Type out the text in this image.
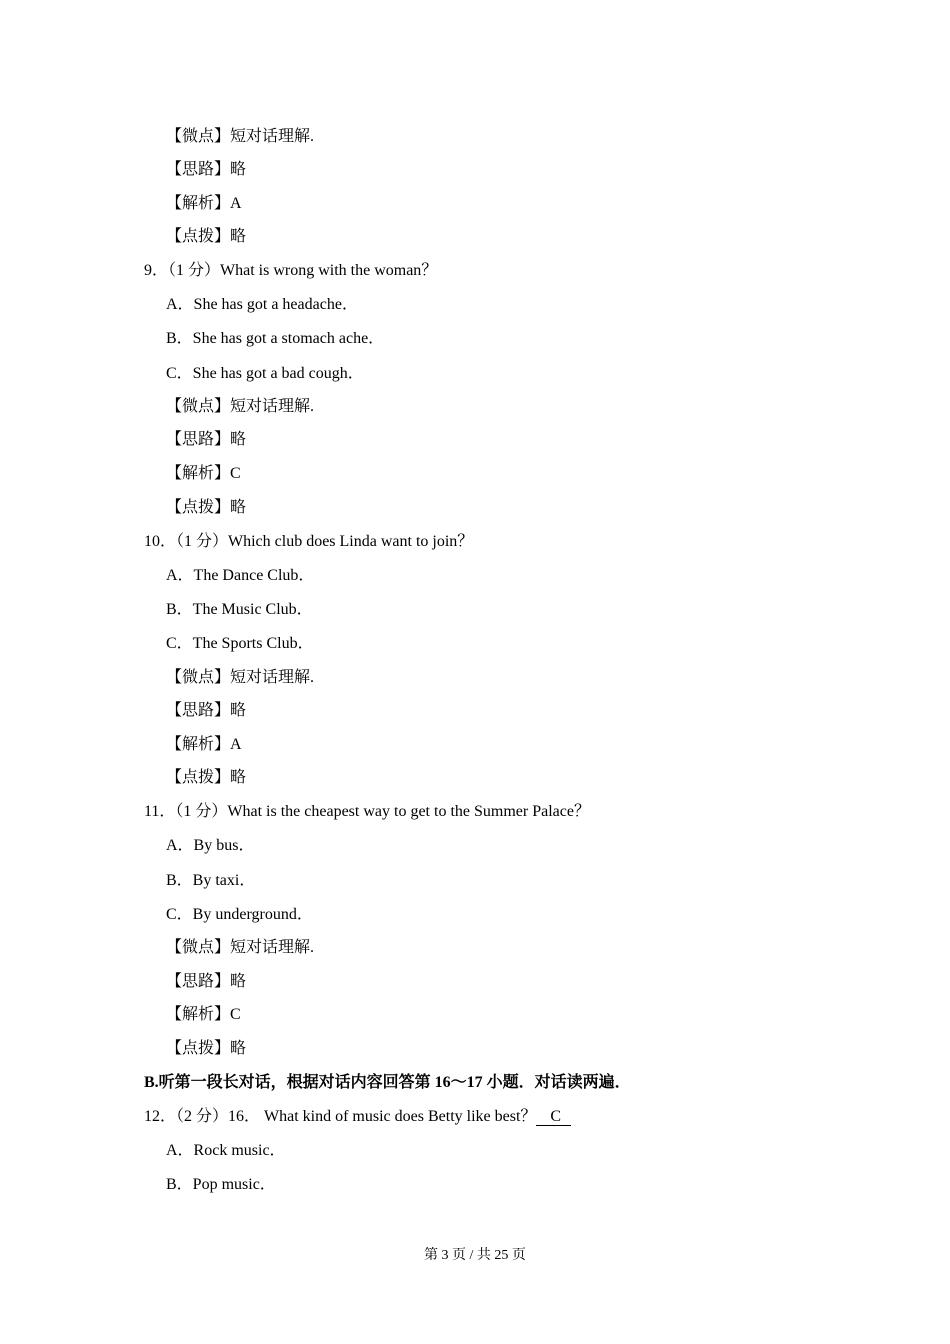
【微点】短对话理解.
【思路】略
【解析】A
【点拨】略
9．（1 分）What is wrong with the woman？
A．She has got a headache．
B．She has got a stomach ache．
C．She has got a bad cough．
【微点】短对话理解.
【思路】略
【解析】C
【点拨】略
10．（1 分）Which club does Linda want to join？
A．The Dance Club．
B．The Music Club．
C．The Sports Club．
【微点】短对话理解.
【思路】略
【解析】A
【点拨】略
11．（1 分）What is the cheapest way to get to the Summer Palace？
A．By bus．
B．By taxi．
C．By underground．
【微点】短对话理解.
【思路】略
【解析】C
【点拨】略
B.听第一段长对话，根据对话内容回答第 16～17 小题．对话读两遍．
12．（2 分）16． What kind of music does Betty like best？ C
A．Rock music．
B．Pop music．
第 3 页 / 共 25 页
